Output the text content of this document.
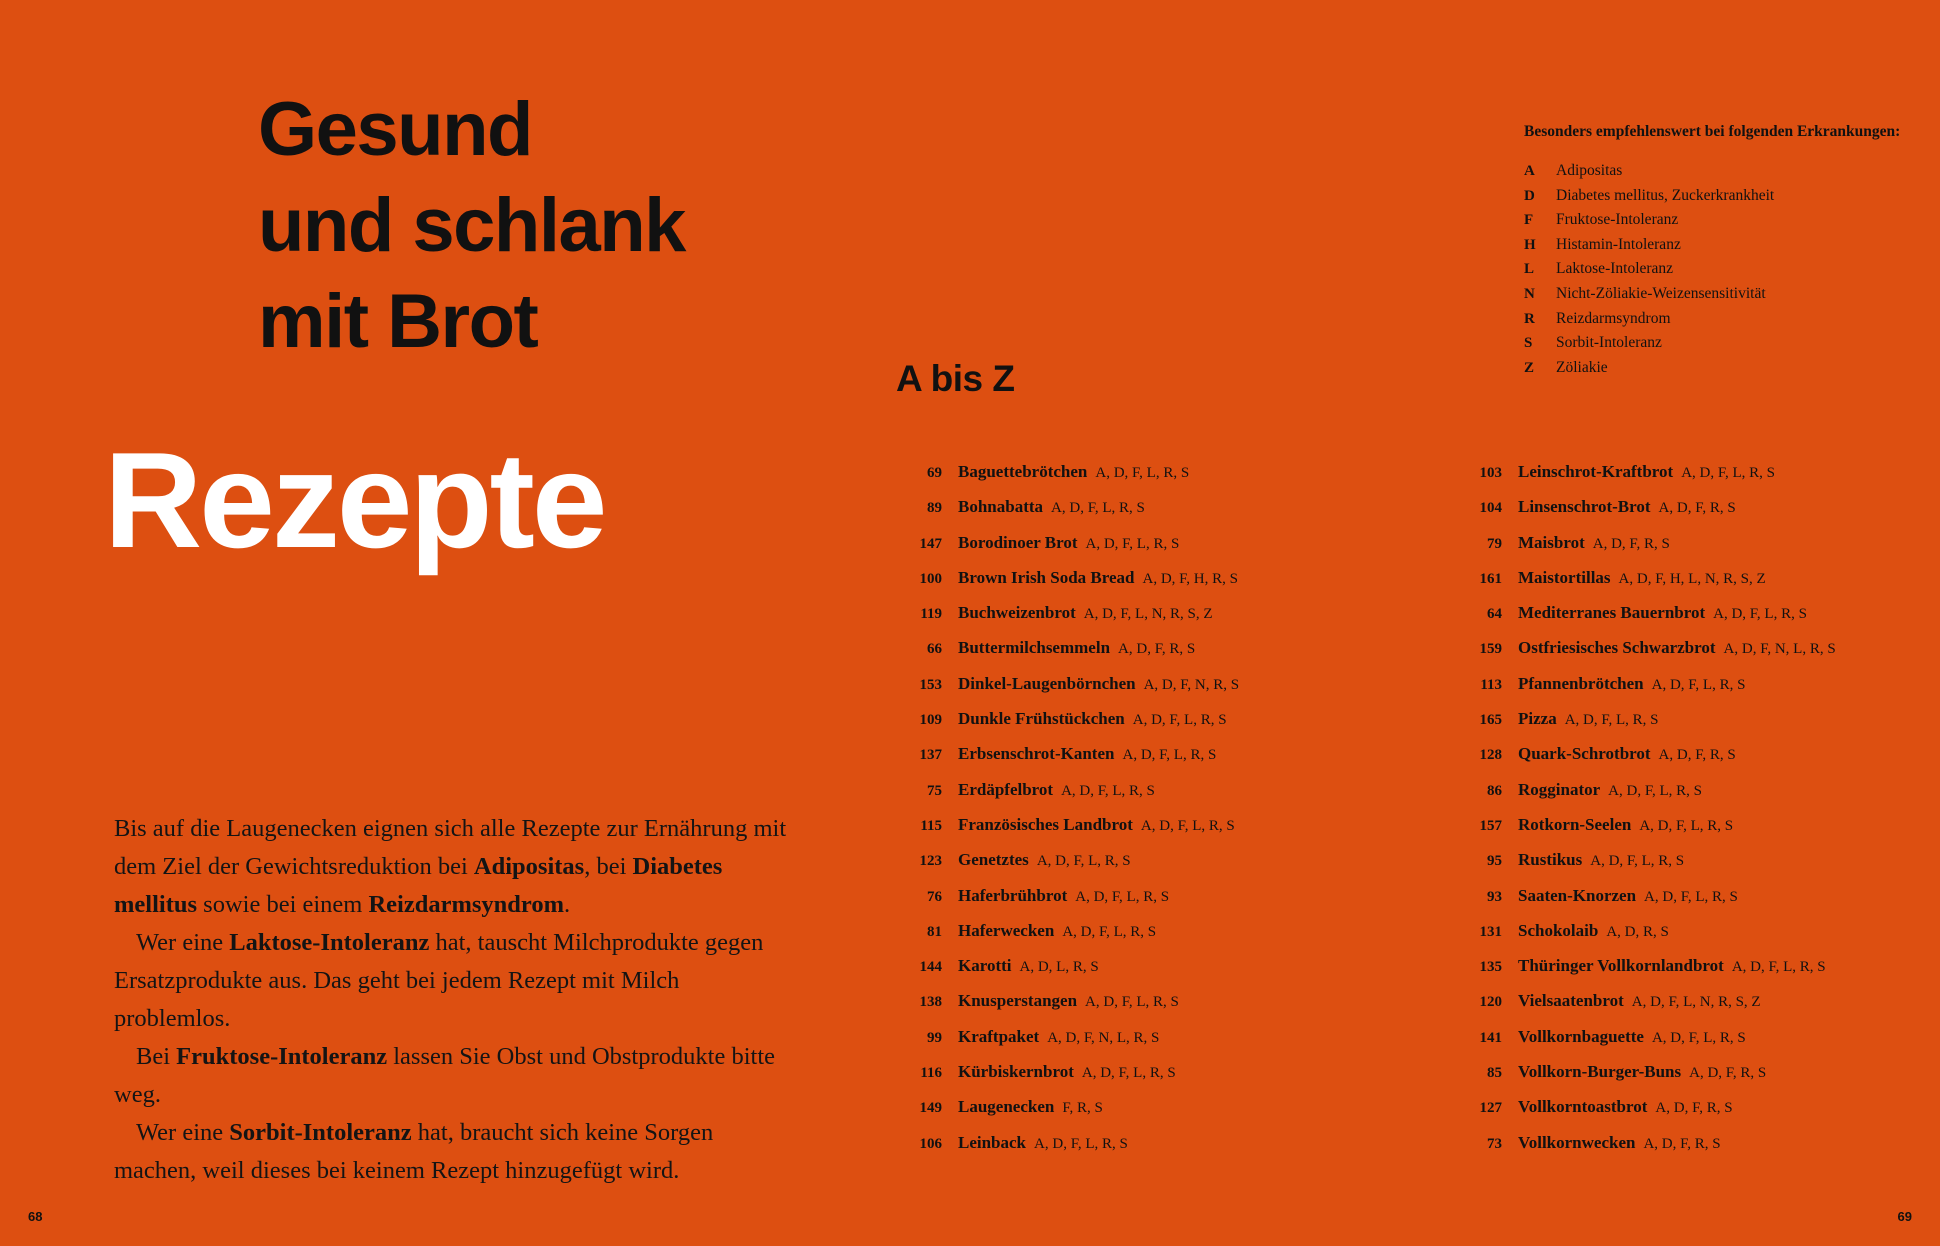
Gesund
und schlank
mit Brot
Rezepte

Bis auf die Laugenecken eignen sich alle Rezepte zur Ernährung mit dem Ziel der Gewichtsreduktion bei Adipositas, bei Diabetes mellitus sowie bei einem Reizdarmsyndrom.

Wer eine Laktose-Intoleranz hat, tauscht Milchprodukte gegen Ersatzprodukte aus. Das geht bei jedem Rezept mit Milch problemlos.

Bei Fruktose-Intoleranz lassen Sie Obst und Obstprodukte bitte weg.

Wer eine Sorbit-Intoleranz hat, braucht sich keine Sorgen machen, weil dieses bei keinem Rezept hinzugefügt wird.

68
Besonders empfehlenswert bei folgenden Erkrankungen:
A	Adipositas
D	Diabetes mellitus, Zuckerkrankheit
F	Fruktose-Intoleranz
H	Histamin-Intoleranz
L	Laktose-Intoleranz
N	Nicht-Zöliakie-Weizensensitivität
R	Reizdarmsyndrom
S	Sorbit-Intoleranz
Z	Zöliakie
A bis Z
69 Baguettebrötchen A, D, F, L, R, S
89 Bohnabatta A, D, F, L, R, S
147 Borodinoer Brot A, D, F, L, R, S
100 Brown Irish Soda Bread A, D, F, H, R, S
119 Buchweizenbrot A, D, F, L, N, R, S, Z
66 Buttermilchsemmeln A, D, F, R, S
153 Dinkel-Laugenbörnchen A, D, F, N, R, S
109 Dunkle Frühstückchen A, D, F, L, R, S
137 Erbsenschrot-Kanten A, D, F, L, R, S
75 Erdäpfelbrot A, D, F, L, R, S
115 Französisches Landbrot A, D, F, L, R, S
123 Genetztes A, D, F, L, R, S
76 Haferbrühbrot A, D, F, L, R, S
81 Haferwecken A, D, F, L, R, S
144 Karotti A, D, L, R, S
138 Knusperstangen A, D, F, L, R, S
99 Kraftpaket A, D, F, N, L, R, S
116 Kürbiskernbrot A, D, F, L, R, S
149 Laugenecken F, R, S
106 Leinback A, D, F, L, R, S
103 Leinschrot-Kraftbrot A, D, F, L, R, S
104 Linsenschrot-Brot A, D, F, R, S
79 Maisbrot A, D, F, R, S
161 Maistortillas A, D, F, H, L, N, R, S, Z
64 Mediterranes Bauernbrot A, D, F, L, R, S
159 Ostfriesisches Schwarzbrot A, D, F, N, L, R, S
113 Pfannenbrötchen A, D, F, L, R, S
165 Pizza A, D, F, L, R, S
128 Quark-Schrotbrot A, D, F, R, S
86 Rogginator A, D, F, L, R, S
157 Rotkorn-Seelen A, D, F, L, R, S
95 Rustikus A, D, F, L, R, S
93 Saaten-Knorzen A, D, F, L, R, S
131 Schokolaib A, D, R, S
135 Thüringer Vollkornlandbrot A, D, F, L, R, S
120 Vielsaatenbrot A, D, F, L, N, R, S, Z
141 Vollkornbaguette A, D, F, L, R, S
85 Vollkorn-Burger-Buns A, D, F, R, S
127 Vollkorntoastbrot A, D, F, R, S
73 Vollkornwecken A, D, F, R, S
69
